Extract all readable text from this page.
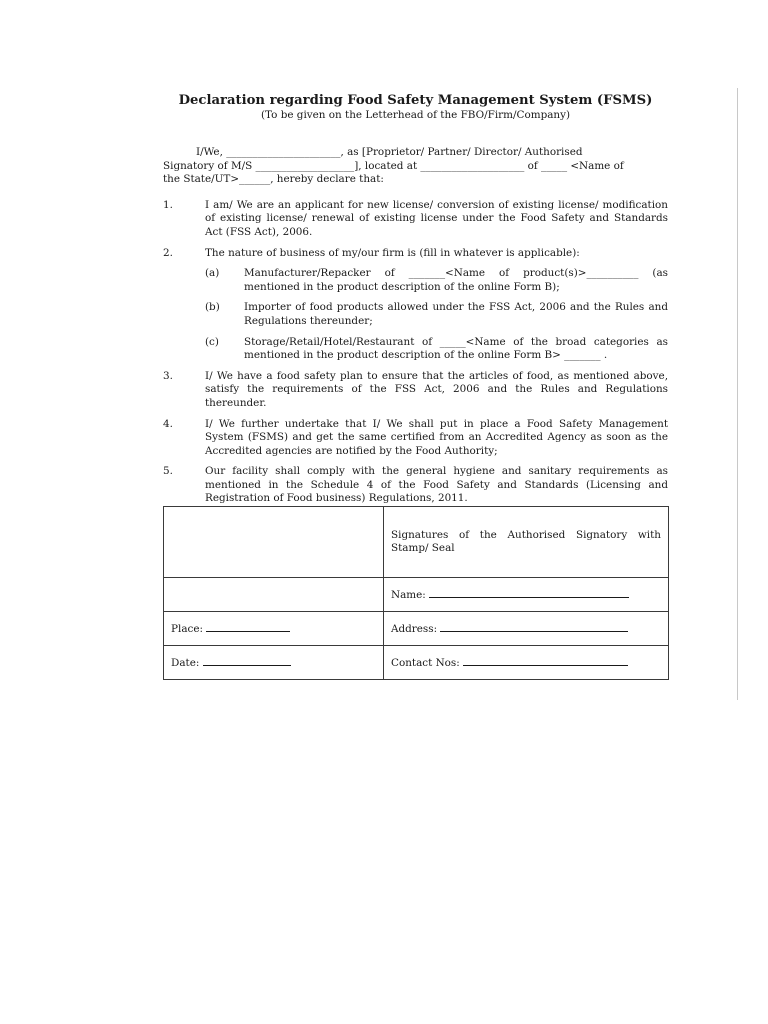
Declaration regarding Food Safety Management System (FSMS)

(To be given on the Letterhead of the FBO/Firm/Company)

I/We, ______________________, as [Proprietor/ Partner/ Director/ Authorised
Signatory of M/S ___________________], located at ____________________ of _____ <Name of
the State/UT>______, hereby declare that:
1.	I am/ We are an applicant for new license/ conversion of existing license/ modification of existing license/ renewal of existing license under the Food Safety and Standards Act (FSS Act), 2006.
2.	The nature of business of my/our firm is (fill in whatever is applicable):
(a)	Manufacturer/Repacker of _______<Name of product(s)>__________ (as mentioned in the product description of the online Form B);
(b)	Importer of food products allowed under the FSS Act, 2006 and the Rules and Regulations thereunder;
(c)	Storage/Retail/Hotel/Restaurant of _____<Name of the broad categories as mentioned in the product description of the online Form B> _______ .
3.	I/ We have a food safety plan to ensure that the articles of food, as mentioned above, satisfy the requirements of the FSS Act, 2006 and the Rules and Regulations thereunder.
4.	I/ We further undertake that I/ We shall put in place a Food Safety Management System (FSMS) and get the same certified from an Accredited Agency as soon as the Accredited agencies are notified by the Food Authority;
5.	Our facility shall comply with the general hygiene and sanitary requirements as mentioned in the Schedule 4 of the Food Safety and Standards (Licensing and Registration of Food business) Regulations, 2011.

	Signatures of the Authorised Signatory with Stamp/ Seal

	Name:
Place:	Address:
Date:	Contact Nos:
